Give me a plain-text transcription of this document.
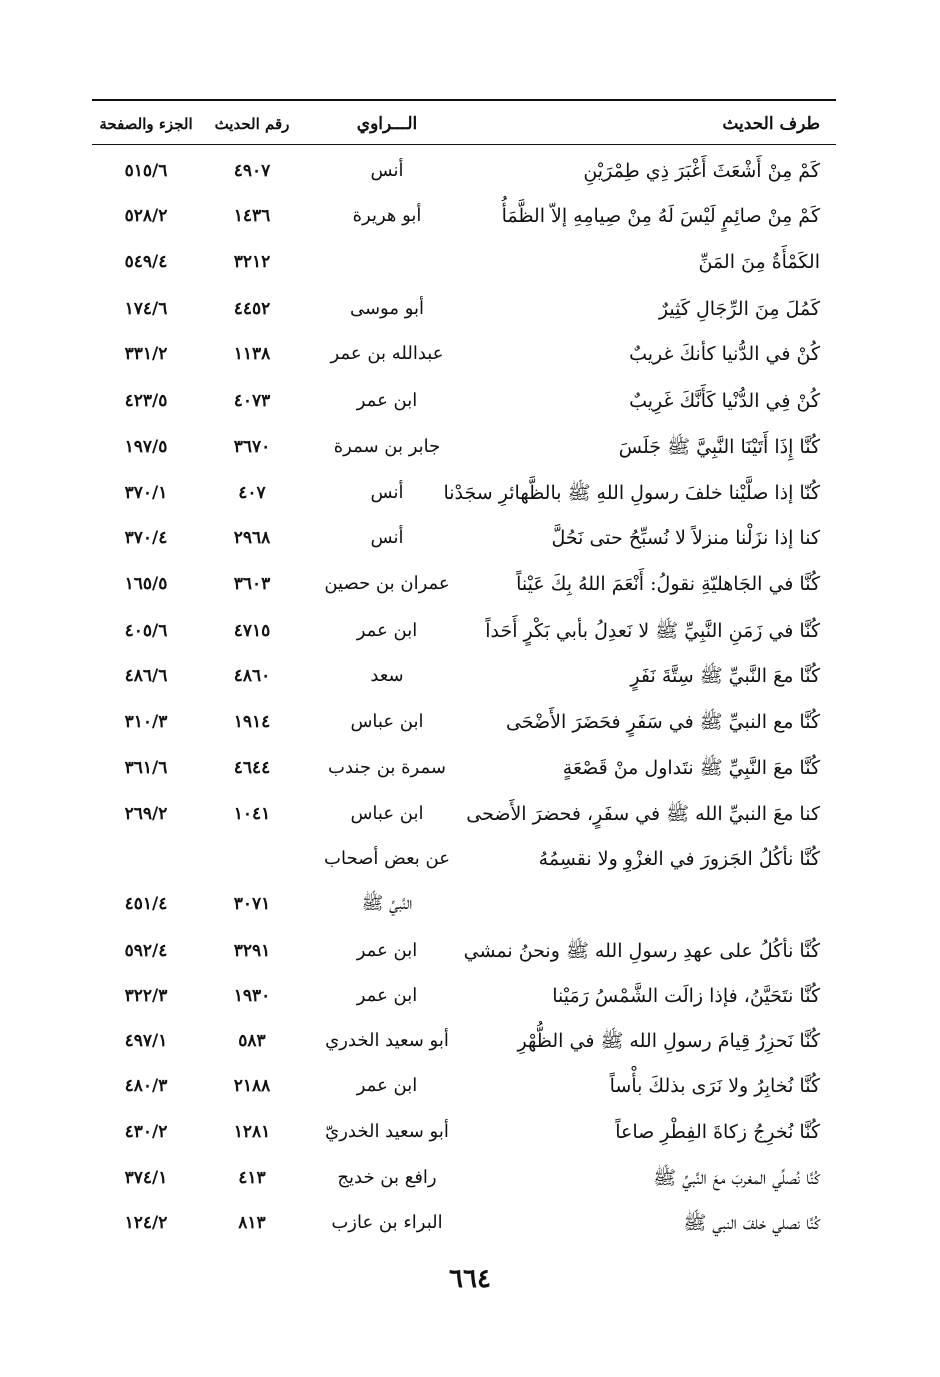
طرف الحديث
الـــراوي
رقم الحديث
الجزء والصفحة
كَمْ مِنْ أَشْعَثَ أَغْبَرَ ذِي طِمْرَيْنِ
أنس
٤٩٠٧
٥١٥/٦
كَمْ مِنْ صائِمٍ لَيْسَ لَهُ مِنْ صِيامِهِ إلاّ الظَّمَأُ
أبو هريرة
١٤٣٦
٥٢٨/٢
الكَمْأَةُ مِنَ المَنِّ
٣٢١٢
٥٤٩/٤
كَمُلَ مِنَ الرِّجَالِ كَثِيرٌ
أبو موسى
٤٤٥٢
١٧٤/٦
كُنْ في الدُّنيا كأنكَ غريبٌ
عبدالله بن عمر
١١٣٨
٣٣١/٢
كُنْ فِي الدُّنْيا كَأَنَّكَ غَرِيبٌ
ابن عمر
٤٠٧٣
٤٢٣/٥
كُنَّا إِذَا أَتَيْنَا النَّبِيَّ ﷺ جَلَسَ
جابر بن سمرة
٣٦٧٠
١٩٧/٥
كُنّا إذا صلَّيْنا خلفَ رسولِ اللهِ ﷺ بالظَّهائرِ سجَدْنا
أنس
٤٠٧
٣٧٠/١
كنا إذا نزَلْنا منزلاً لا نُسبِّحُ حتى نَحُلَّ
أنس
٢٩٦٨
٣٧٠/٤
كُنَّا في الجَاهليّةِ نقولُ: أَنْعَمَ اللهُ بِكَ عَيْناً
عمران بن حصين
٣٦٠٣
١٦٥/٥
كُنَّا في زَمَنِ النَّبِيِّ ﷺ لا نَعدِلُ بأبي بَكْرٍ أَحَداً
ابن عمر
٤٧١٥
٤٠٥/٦
كُنَّا معَ النَّبيِّ ﷺ سِتَّةَ نَفَرٍ
سعد
٤٨٦٠
٤٨٦/٦
كُنَّا مع النبيِّ ﷺ في سَفَرٍ فحَضَرَ الأَضْحَى
ابن عباس
١٩١٤
٣١٠/٣
كُنَّا معَ النَّبِيِّ ﷺ نتَداول منْ قَصْعَةٍ
سمرة بن جندب
٤٦٤٤
٣٦١/٦
كنا معَ النبيِّ الله ﷺ في سفَرٍ، فحضرَ الأَضحى
ابن عباس
١٠٤١
٢٦٩/٢
كُنَّا نأكُلُ الجَزورَ في الغزْوِ ولا نقسِمُهُ
عن بعض أصحاب
النَّبيِّ ﷺ
٣٠٧١
٤٥١/٤
كُنَّا نأكُلُ على عهدِ رسولِ الله ﷺ ونحنُ نمشي
ابن عمر
٣٢٩١
٥٩٢/٤
كُنَّا نتَحَيَّنُ، فإذا زالَت الشَّمْسُ رَمَيْنا
ابن عمر
١٩٣٠
٣٢٢/٣
كُنَّا نَحزِرُ قِيامَ رسولِ الله ﷺ في الظُّهْرِ
أبو سعيد الخدري
٥٨٣
٤٩٧/١
كُنَّا نُخابِرُ ولا نَرَى بذلكَ بأْساً
ابن عمر
٢١٨٨
٤٨٠/٣
كُنَّا نُخرِجُ زكاةَ الفِطْرِ صاعاً
أبو سعيد الخدريّ
١٢٨١
٤٣٠/٢
كُنَّا نُصلِّي المغربَ معَ النَّبيِّ ﷺ
رافع بن خديج
٤١٣
٣٧٤/١
كُنَّا نصلي خلفَ النبي ﷺ
البراء بن عازب
٨١٣
١٢٤/٢
٦٦٤
